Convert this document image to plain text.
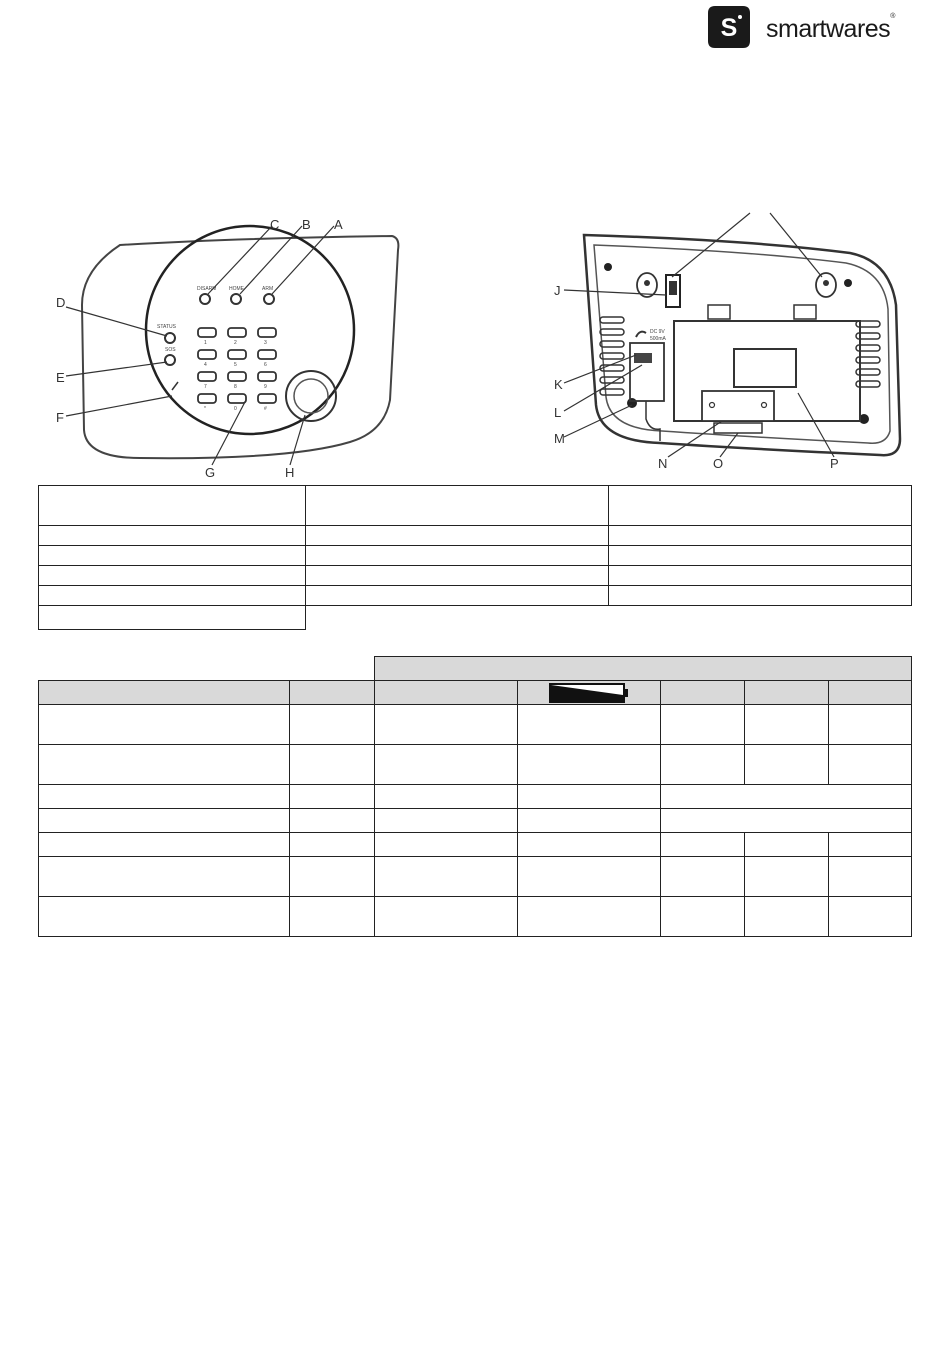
S smartwares®
DISARM	HOME	ARM
STATUS
SOS
1	2	3
4	5	6
7	8	9
*	0	#
A
B
C
D
E
F
G	H
DC 9V
500mA
J
K
L
M
N	O	P
